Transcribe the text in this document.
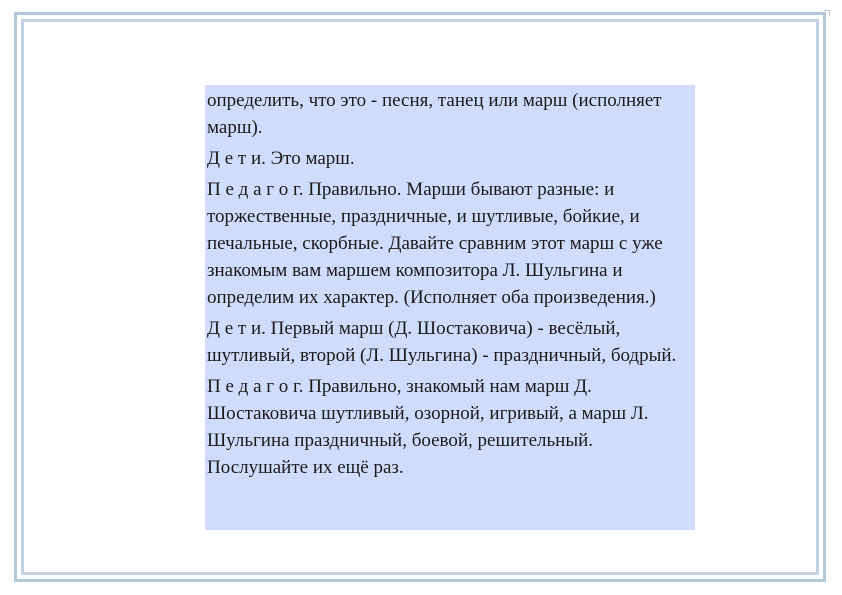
определить, что это - песня, танец или марш (исполняет марш).

Д е т и. Это марш.

П е д а г о г. Правильно. Марши бывают разные: и торжественные, праздничные, и шутливые, бойкие, и печальные, скорбные. Давайте сравним этот марш с уже знакомым вам маршем композитора Л. Шульгина и определим их характер. (Исполняет оба произведения.)

Д е т и. Первый марш (Д. Шостаковича) - весёлый, шутливый, второй (Л. Шульгина) - праздничный, бодрый.

П е д а г о г. Правильно, знакомый нам марш Д. Шостаковича шутливый, озорной, игривый, а марш Л. Шульгина праздничный, боевой, решительный. Послушайте их ещё раз.
